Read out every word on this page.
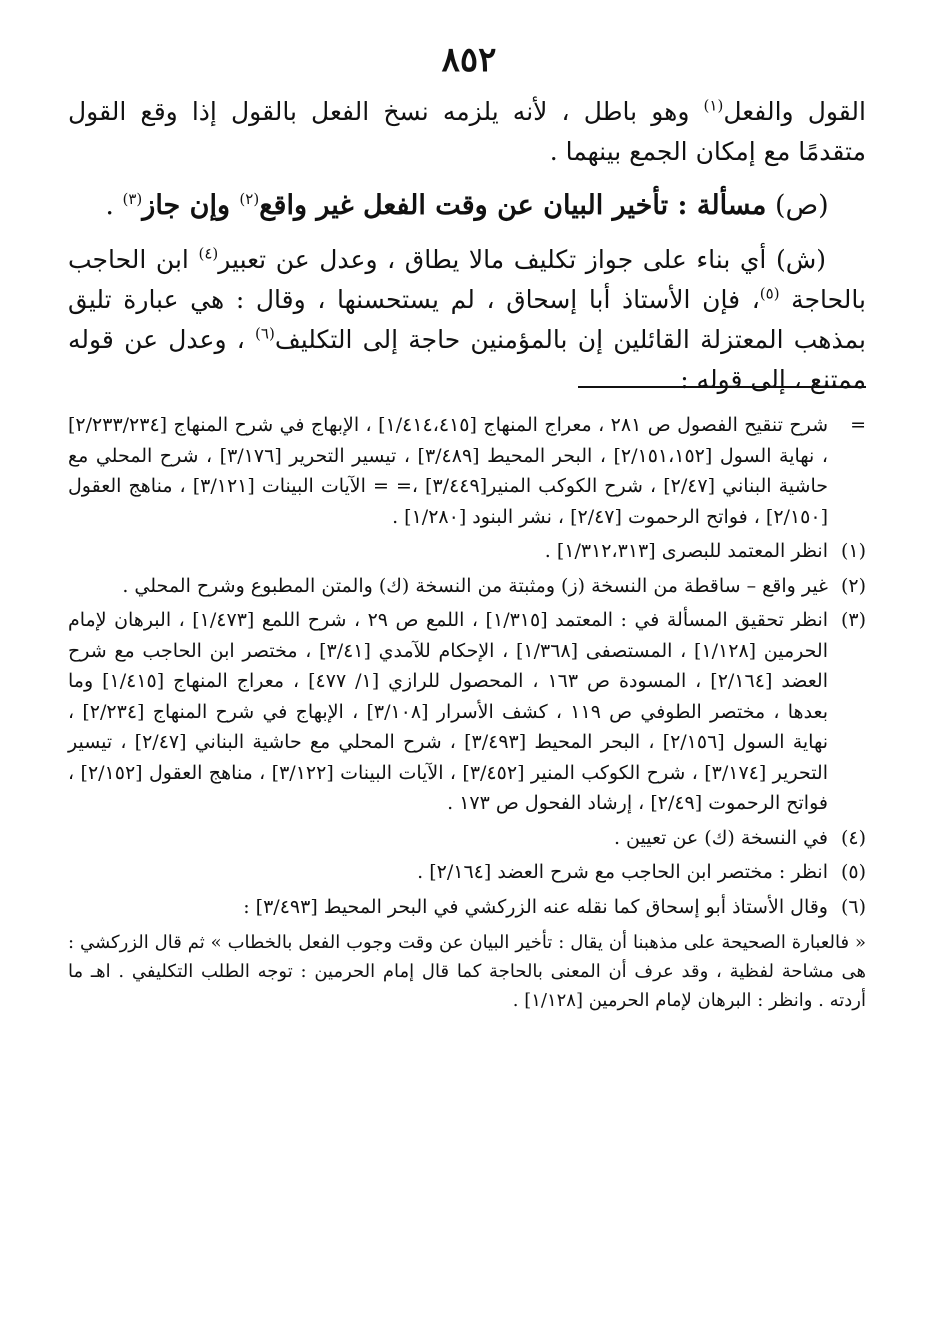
٨٥٢

القول والفعل$^{(١)}$ وهو باطل ، لأنه يلزمه نسخ الفعل بالقول إذا وقع القول متقدمًا مع إمكان الجمع بينهما .

(ص) مسألة : تأخير البيان عن وقت الفعل غير واقع$^{(٢)}$ وإن جاز$^{(٣)}$ .

(ش) أي بناء على جواز تكليف مالا يطاق ، وعدل عن تعبير$^{(٤)}$ ابن الحاجب بالحاجة $^{(٥)}$، فإن الأستاذ أبا إسحاق ، لم يستحسنها ، وقال : هي عبارة تليق بمذهب المعتزلة القائلين إن بالمؤمنين حاجة إلى التكليف$^{(٦)}$ ، وعدل عن قوله ممتنع ، إلى قوله :

=
شرح تنقيح الفصول ص ٢٨١ ، معراج المنهاج [١/٤١٤،٤١٥] ، الإبهاج في شرح المنهاج [٢/٢٣٣/٢٣٤] ، نهاية السول [٢/١٥١،١٥٢] ، البحر المحيط [٣/٤٨٩] ، تيسير التحرير [٣/١٧٦] ، شرح المحلي مع حاشية البناني [٢/٤٧] ، شرح الكوكب المنير[٣/٤٤٩] ،= = الآيات البينات [٣/١٢١] ، مناهج العقول [٢/١٥٠] ، فواتح الرحموت [٢/٤٧] ، نشر البنود [١/٢٨٠] .
(١)
انظر المعتمد للبصرى [١/٣١٢،٣١٣] .
(٢)
غير واقع – ساقطة من النسخة (ز) ومثبتة من النسخة (ك) والمتن المطبوع وشرح المحلي .
(٣)
انظر تحقيق المسألة في : المعتمد [١/٣١٥] ، اللمع ص ٢٩ ، شرح اللمع [١/٤٧٣] ، البرهان لإمام الحرمين [١/١٢٨] ، المستصفى [١/٣٦٨] ، الإحكام للآمدي [٣/٤١] ، مختصر ابن الحاجب مع شرح العضد [٢/١٦٤] ، المسودة ص ١٦٣ ، المحصول للرازي [١/ ٤٧٧] ، معراج المنهاج [١/٤١٥] وما بعدها ، مختصر الطوفي ص ١١٩ ، كشف الأسرار [٣/١٠٨] ، الإبهاج في شرح المنهاج [٢/٢٣٤] ، نهاية السول [٢/١٥٦] ، البحر المحيط [٣/٤٩٣] ، شرح المحلي مع حاشية البناني [٢/٤٧] ، تيسير التحرير [٣/١٧٤] ، شرح الكوكب المنير [٣/٤٥٢] ، الآيات البينات [٣/١٢٢] ، مناهج العقول [٢/١٥٢] ، فواتح الرحموت [٢/٤٩] ، إرشاد الفحول ص ١٧٣ .
(٤)
في النسخة (ك) عن تعيين .
(٥)
انظر : مختصر ابن الحاجب مع شرح العضد [٢/١٦٤] .
(٦)
وقال الأستاذ أبو إسحاق كما نقله عنه الزركشي في البحر المحيط [٣/٤٩٣] :

« فالعبارة الصحيحة على مذهبنا أن يقال : تأخير البيان عن وقت وجوب الفعل بالخطاب » ثم قال الزركشي : هى مشاحة لفظية ، وقد عرف أن المعنى بالحاجة كما قال إمام الحرمين : توجه الطلب التكليفي . اهـ ما أردته . وانظر : البرهان لإمام الحرمين [١/١٢٨] .
